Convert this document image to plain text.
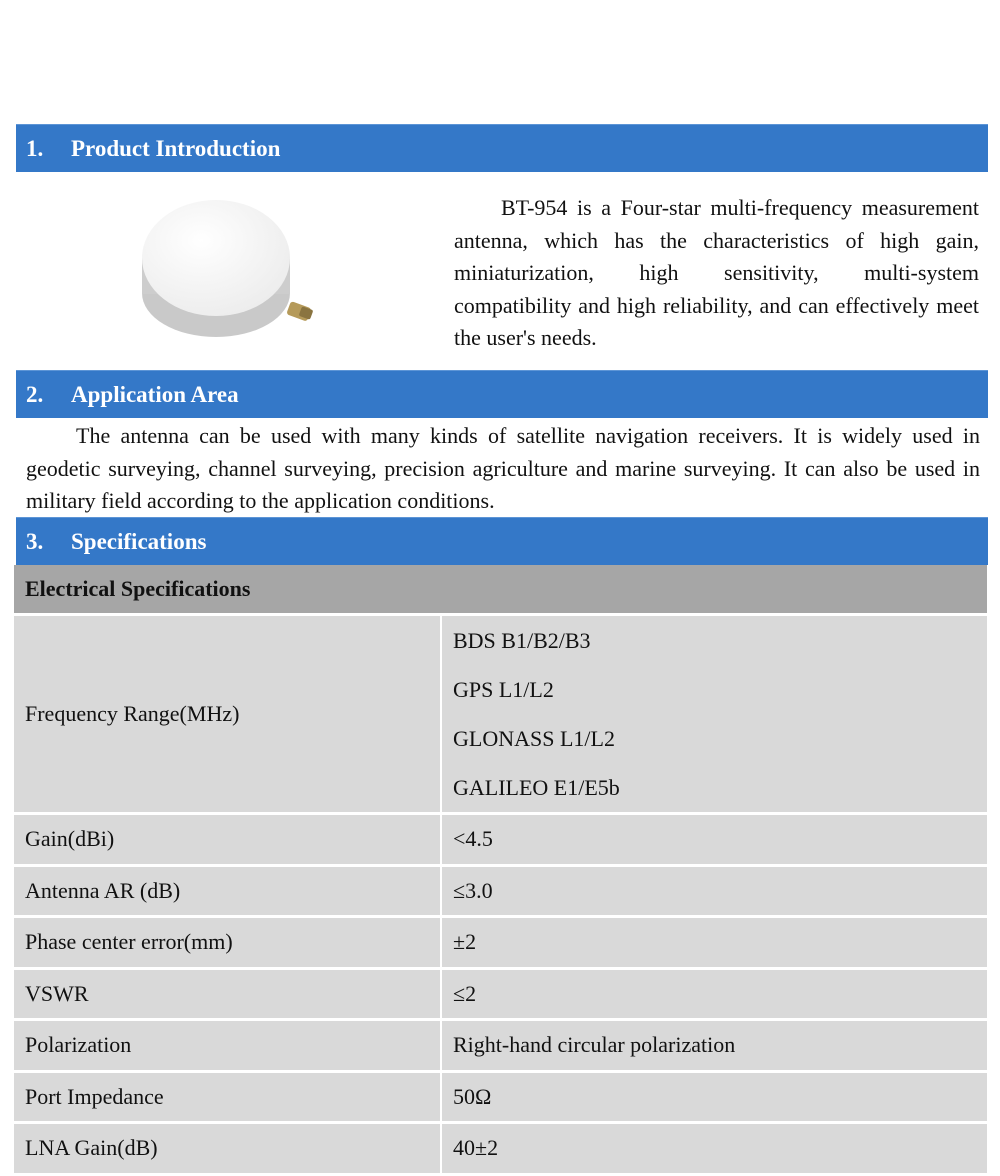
1. Product Introduction
BT-954 is a Four-star multi-frequency measurement antenna, which has the characteristics of high gain, miniaturization, high sensitivity, multi-system compatibility and high reliability, and can effectively meet the user's needs.
2. Application Area
The antenna can be used with many kinds of satellite navigation receivers. It is widely used in geodetic surveying, channel surveying, precision agriculture and marine surveying. It can also be used in military field according to the application conditions.
3. Specifications
Electrical Specifications	
Frequency Range(MHz)	BDS B1/B2/B3
GPS L1/L2
GLONASS L1/L2
GALILEO E1/E5b

Gain(dBi)	<4.5
Antenna AR (dB)	≤3.0
Phase center error(mm)	±2
VSWR	≤2
Polarization	Right-hand circular polarization
Port Impedance	50Ω
LNA Gain(dB)	40±2
